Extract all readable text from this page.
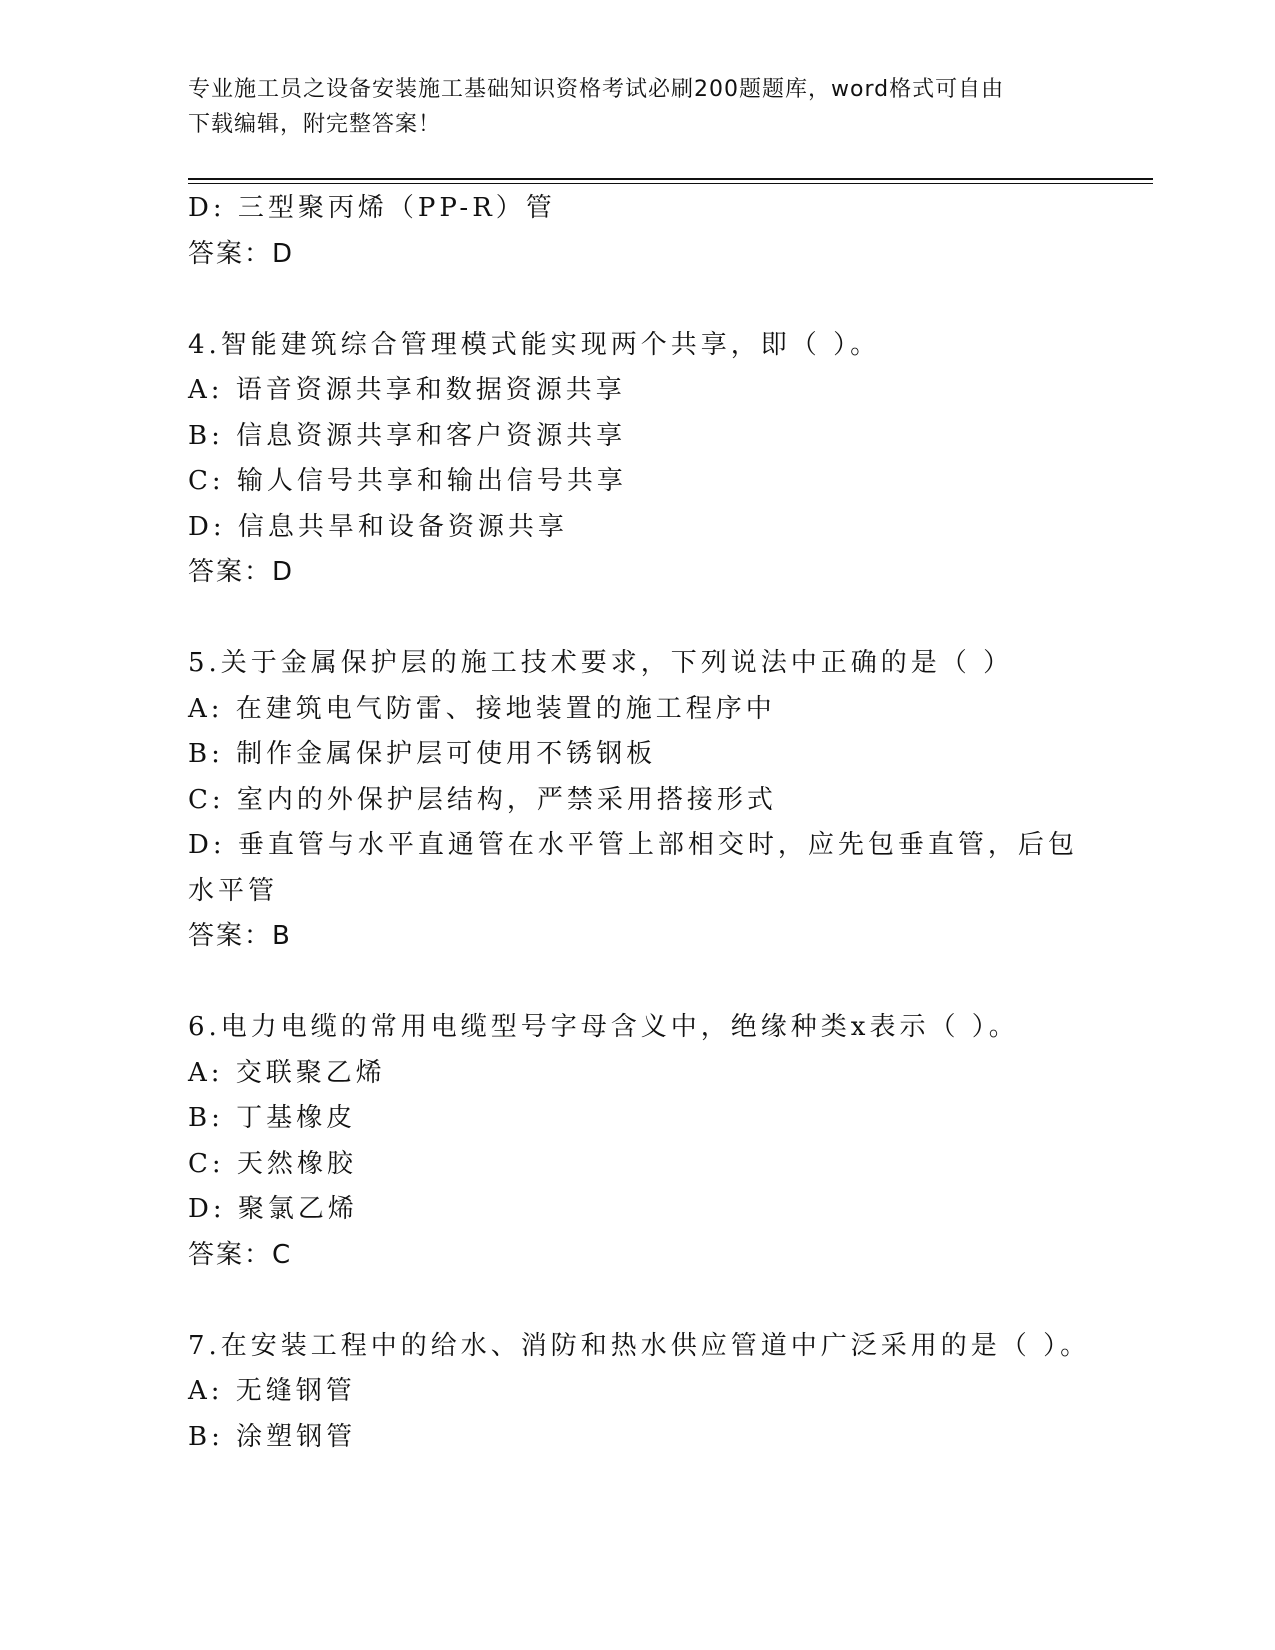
专业施工员之设备安装施工基础知识资格考试必刷200题题库，word格式可自由
下载编辑，附完整答案！
D: 三型聚丙烯（PP-R）管
答案：D
4.智能建筑综合管理模式能实现两个共享，即（ ）。
A: 语音资源共享和数据资源共享
B: 信息资源共享和客户资源共享
C: 输人信号共享和输出信号共享
D: 信息共旱和设备资源共享
答案：D
5.关于金属保护层的施工技术要求，下列说法中正确的是（ ）
A: 在建筑电气防雷、接地装置的施工程序中
B: 制作金属保护层可使用不锈钢板
C: 室内的外保护层结构，严禁采用搭接形式
D: 垂直管与水平直通管在水平管上部相交时，应先包垂直管，后包水平管
答案：B
6.电力电缆的常用电缆型号字母含义中，绝缘种类x表示（ ）。
A: 交联聚乙烯
B: 丁基橡皮
C: 天然橡胶
D: 聚氯乙烯
答案：C
7.在安装工程中的给水、消防和热水供应管道中广泛采用的是（ ）。
A: 无缝钢管
B: 涂塑钢管
